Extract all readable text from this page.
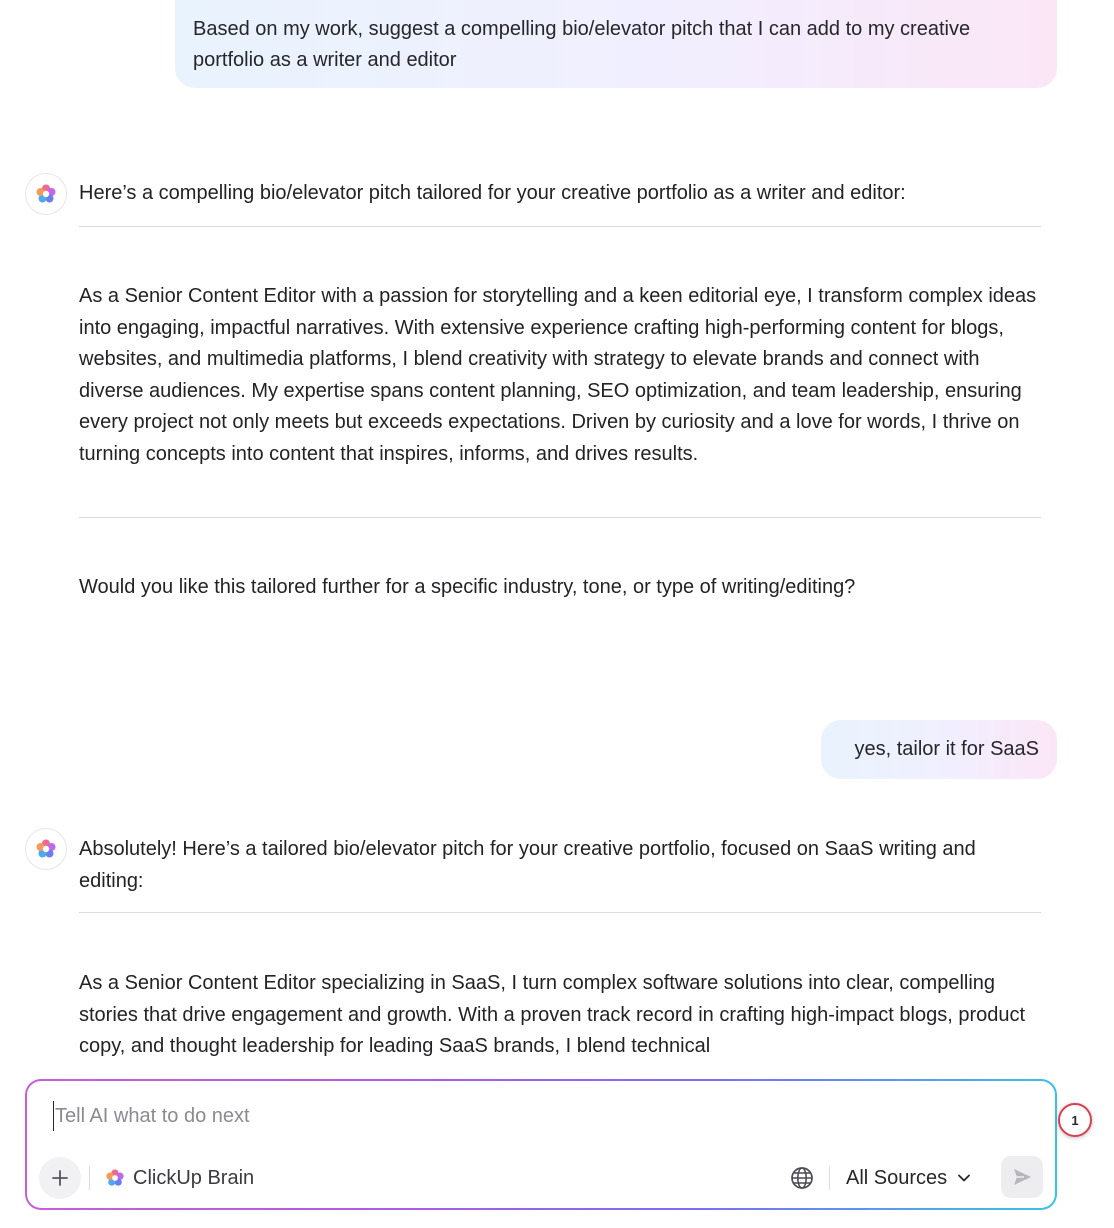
Based on my work, suggest a compelling bio/elevator pitch that I can add to my creative portfolio as a writer and editor
Here’s a compelling bio/elevator pitch tailored for your creative portfolio as a writer and editor:
As a Senior Content Editor with a passion for storytelling and a keen editorial eye, I transform complex ideas into engaging, impactful narratives. With extensive experience crafting high-performing content for blogs, websites, and multimedia platforms, I blend creativity with strategy to elevate brands and connect with diverse audiences. My expertise spans content planning, SEO optimization, and team leadership, ensuring every project not only meets but exceeds expectations. Driven by curiosity and a love for words, I thrive on turning concepts into content that inspires, informs, and drives results.
Would you like this tailored further for a specific industry, tone, or type of writing/editing?
yes, tailor it for SaaS
Absolutely! Here’s a tailored bio/elevator pitch for your creative portfolio, focused on SaaS writing and editing:
As a Senior Content Editor specializing in SaaS, I turn complex software solutions into clear, compelling stories that drive engagement and growth. With a proven track record in crafting high-impact blogs, product copy, and thought leadership for leading SaaS brands, I blend technical
Tell AI what to do next
ClickUp Brain	All Sources
1
